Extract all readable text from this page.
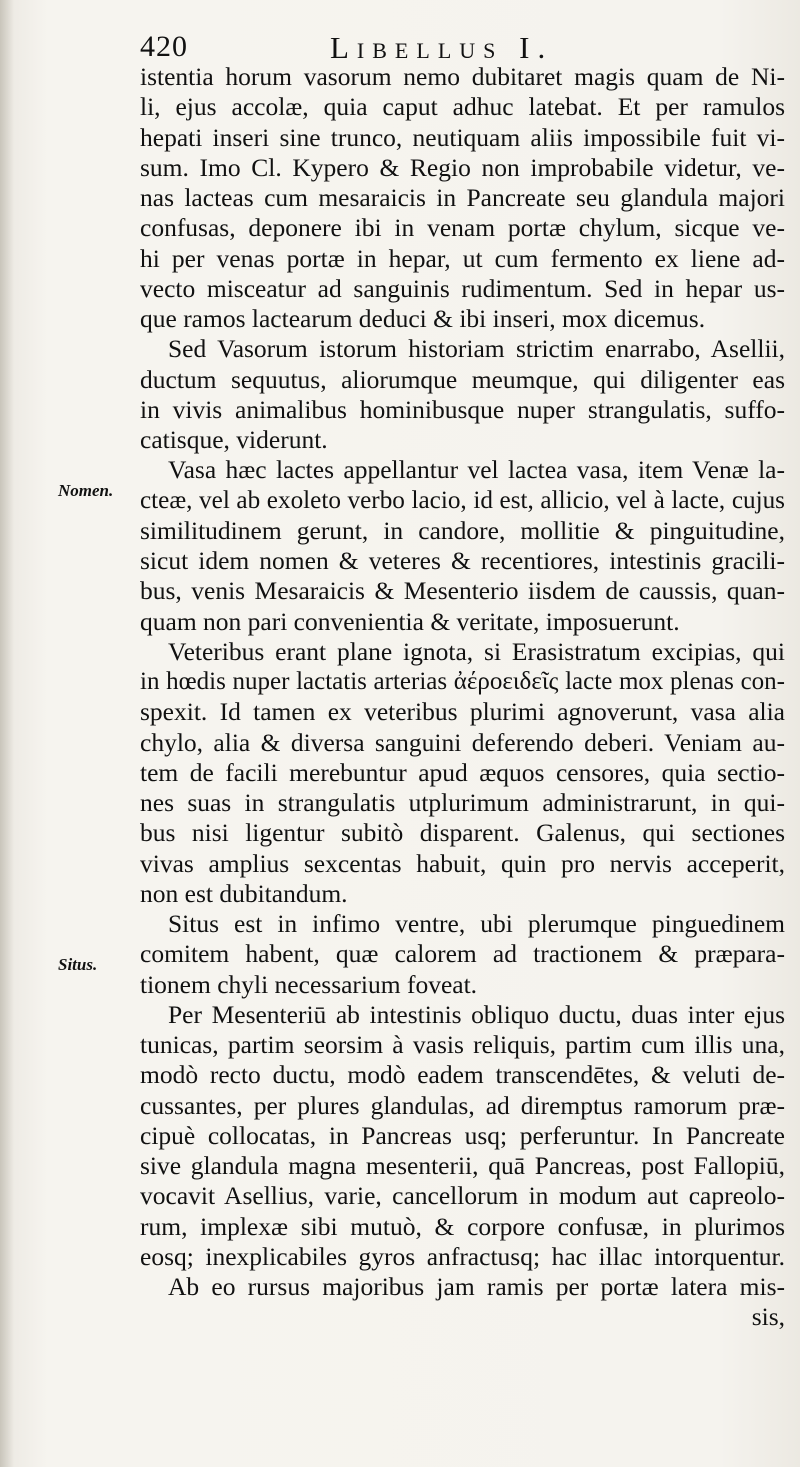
420	Libellus I.
Nomen.
Situs.
istentia horum vasorum nemo dubitaret magis quam de Ni-
li, ejus accolæ, quia caput adhuc latebat. Et per ramulos
hepati inseri sine trunco, neutiquam aliis impossibile fuit vi-
sum. Imo Cl. Kypero & Regio non improbabile videtur, ve-
nas lacteas cum mesaraicis in Pancreate seu glandula majori
confusas, deponere ibi in venam portæ chylum, sicque ve-
hi per venas portæ in hepar, ut cum fermento ex liene ad-
vecto misceatur ad sanguinis rudimentum. Sed in hepar us-
que ramos lactearum deduci & ibi inseri, mox dicemus.
Sed Vasorum istorum historiam strictim enarrabo, Asellii,
ductum sequutus, aliorumque meumque, qui diligenter eas
in vivis animalibus hominibusque nuper strangulatis, suffo-
catisque, viderunt.
Vasa hæc lactes appellantur vel lactea vasa, item Venæ la-
cteæ, vel ab exoleto verbo lacio, id est, allicio, vel à lacte, cujus
similitudinem gerunt, in candore, mollitie & pinguitudine,
sicut idem nomen & veteres & recentiores, intestinis gracili-
bus, venis Mesaraicis & Mesenterio iisdem de caussis, quan-
quam non pari convenientia & veritate, imposuerunt.
Veteribus erant plane ignota, si Erasistratum excipias, qui
in hœdis nuper lactatis arterias ἀέροειδεῖς lacte mox plenas con-
spexit. Id tamen ex veteribus plurimi agnoverunt, vasa alia
chylo, alia & diversa sanguini deferendo deberi. Veniam au-
tem de facili merebuntur apud æquos censores, quia sectio-
nes suas in strangulatis utplurimum administrarunt, in qui-
bus nisi ligentur subitò disparent. Galenus, qui sectiones
vivas amplius sexcentas habuit, quin pro nervis acceperit,
non est dubitandum.
Situs est in infimo ventre, ubi plerumque pinguedinem
comitem habent, quæ calorem ad tractionem & præpara-
tionem chyli necessarium foveat.
Per Mesenteriū ab intestinis obliquo ductu, duas inter ejus
tunicas, partim seorsim à vasis reliquis, partim cum illis una,
modò recto ductu, modò eadem transcendētes, & veluti de-
cussantes, per plures glandulas, ad diremptus ramorum præ-
cipuè collocatas, in Pancreas usq; perferuntur. In Pancreate
sive glandula magna mesenterii, quā Pancreas, post Fallopiū,
vocavit Asellius, varie, cancellorum in modum aut capreolo-
rum, implexæ sibi mutuò, & corpore confusæ, in plurimos
eosq; inexplicabiles gyros anfractusq; hac illac intorquentur.
Ab eo rursus majoribus jam ramis per portæ latera mis-
sis,
